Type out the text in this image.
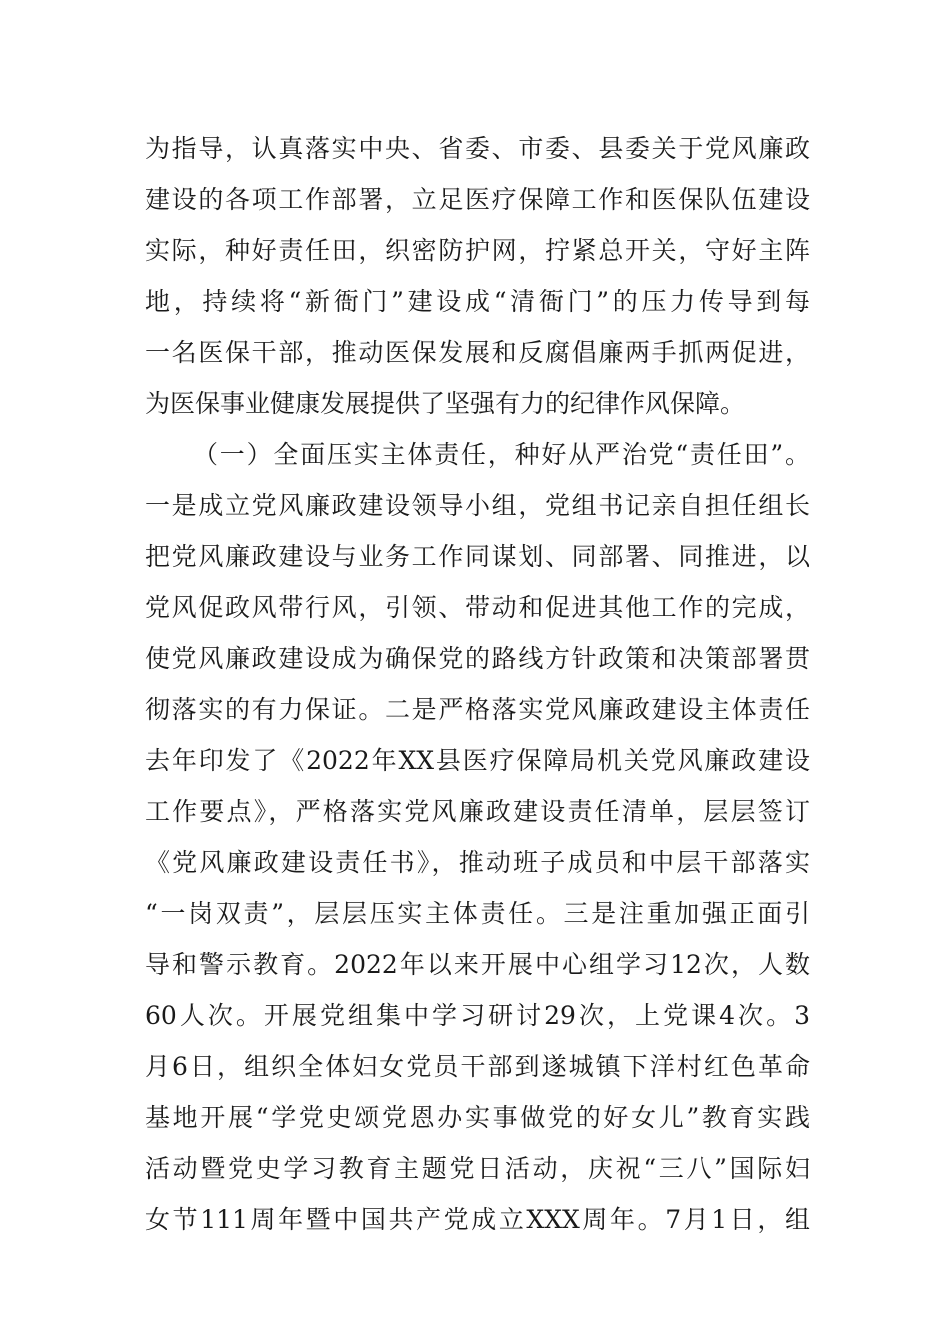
为指导，认真落实中央、省委、市委、县委关于党风廉政
建设的各项工作部署，立足医疗保障工作和医保队伍建设
实际，种好责任田，织密防护网，拧紧总开关，守好主阵
地，持续将“新衙门”建设成“清衙门”的压力传导到每
一名医保干部，推动医保发展和反腐倡廉两手抓两促进，
为医保事业健康发展提供了坚强有力的纪律作风保障。
（一）全面压实主体责任，种好从严治党“责任田”。
一是成立党风廉政建设领导小组，党组书记亲自担任组长
把党风廉政建设与业务工作同谋划、同部署、同推进，以
党风促政风带行风，引领、带动和促进其他工作的完成，
使党风廉政建设成为确保党的路线方针政策和决策部署贯
彻落实的有力保证。二是严格落实党风廉政建设主体责任
去年印发了《2022年XX县医疗保障局机关党风廉政建设
工作要点》，严格落实党风廉政建设责任清单，层层签订
《党风廉政建设责任书》，推动班子成员和中层干部落实
“一岗双责”，层层压实主体责任。三是注重加强正面引
导和警示教育。2022年以来开展中心组学习12次，人数
60人次。开展党组集中学习研讨29次，上党课4次。3
月6日，组织全体妇女党员干部到遂城镇下洋村红色革命
基地开展“学党史颂党恩办实事做党的好女儿”教育实践
活动暨党史学习教育主题党日活动，庆祝“三八”国际妇
女节111周年暨中国共产党成立XXX周年。7月1日，组
